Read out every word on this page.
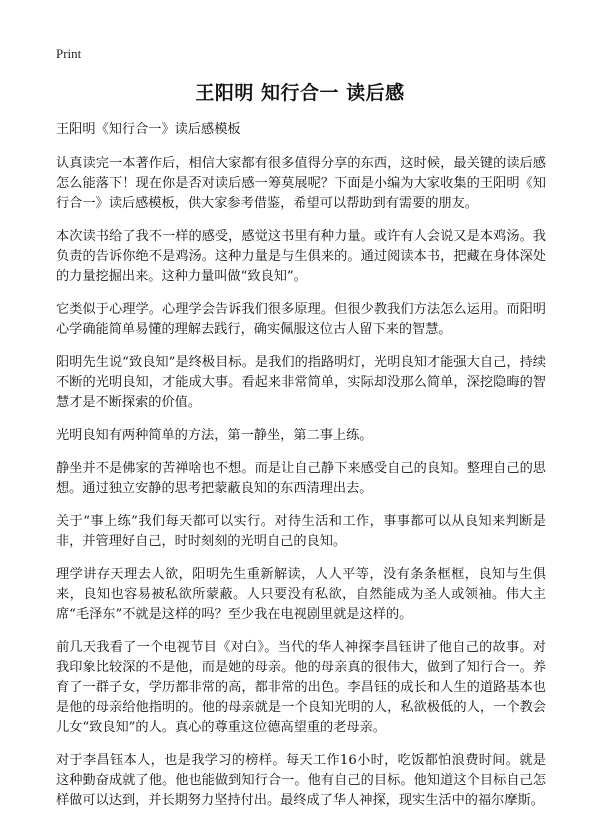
Print
王阳明 知行合一 读后感

王阳明《知行合一》读后感模板

认真读完一本著作后，相信大家都有很多值得分享的东西，这时候，最关键的读后感怎么能落下！现在你是否对读后感一筹莫展呢？下面是小编为大家收集的王阳明《知行合一》读后感模板，供大家参考借鉴，希望可以帮助到有需要的朋友。

本次读书给了我不一样的感受，感觉这书里有种力量。或许有人会说又是本鸡汤。我负责的告诉你绝不是鸡汤。这种力量是与生俱来的。通过阅读本书，把藏在身体深处的力量挖掘出来。这种力量叫做“致良知”。

它类似于心理学。心理学会告诉我们很多原理。但很少教我们方法怎么运用。而阳明心学确能简单易懂的理解去践行，确实佩服这位古人留下来的智慧。

阳明先生说“致良知”是终极目标。是我们的指路明灯，光明良知才能强大自己，持续不断的光明良知，才能成大事。看起来非常简单，实际却没那么简单，深挖隐晦的智慧才是不断探索的价值。

光明良知有两种简单的方法，第一静坐，第二事上练。

静坐并不是佛家的苦禅啥也不想。而是让自己静下来感受自己的良知。整理自己的思想。通过独立安静的思考把蒙蔽良知的东西清理出去。

关于“事上练”我们每天都可以实行。对待生活和工作，事事都可以从良知来判断是非，并管理好自己，时时刻刻的光明自己的良知。

理学讲存天理去人欲，阳明先生重新解读，人人平等，没有条条框框，良知与生俱来，良知也容易被私欲所蒙蔽。人只要没有私欲，自然能成为圣人或领袖。伟大主席“毛泽东”不就是这样的吗？至少我在电视剧里就是这样的。

前几天我看了一个电视节目《对白》。当代的华人神探李昌钰讲了他自己的故事。对我印象比较深的不是他，而是她的母亲。他的母亲真的很伟大，做到了知行合一。养育了一群子女，学历都非常的高，都非常的出色。李昌钰的成长和人生的道路基本也是他的母亲给他指明的。他的母亲就是一个良知光明的人，私欲极低的人，一个教会儿女“致良知”的人。真心的尊重这位德高望重的老母亲。

对于李昌钰本人，也是我学习的榜样。每天工作16小时，吃饭都怕浪费时间。就是这种勤奋成就了他。他也能做到知行合一。他有自己的目标。他知道这个目标自己怎样做可以达到，并长期努力坚持付出。最终成了华人神探，现实生活中的福尔摩斯。
